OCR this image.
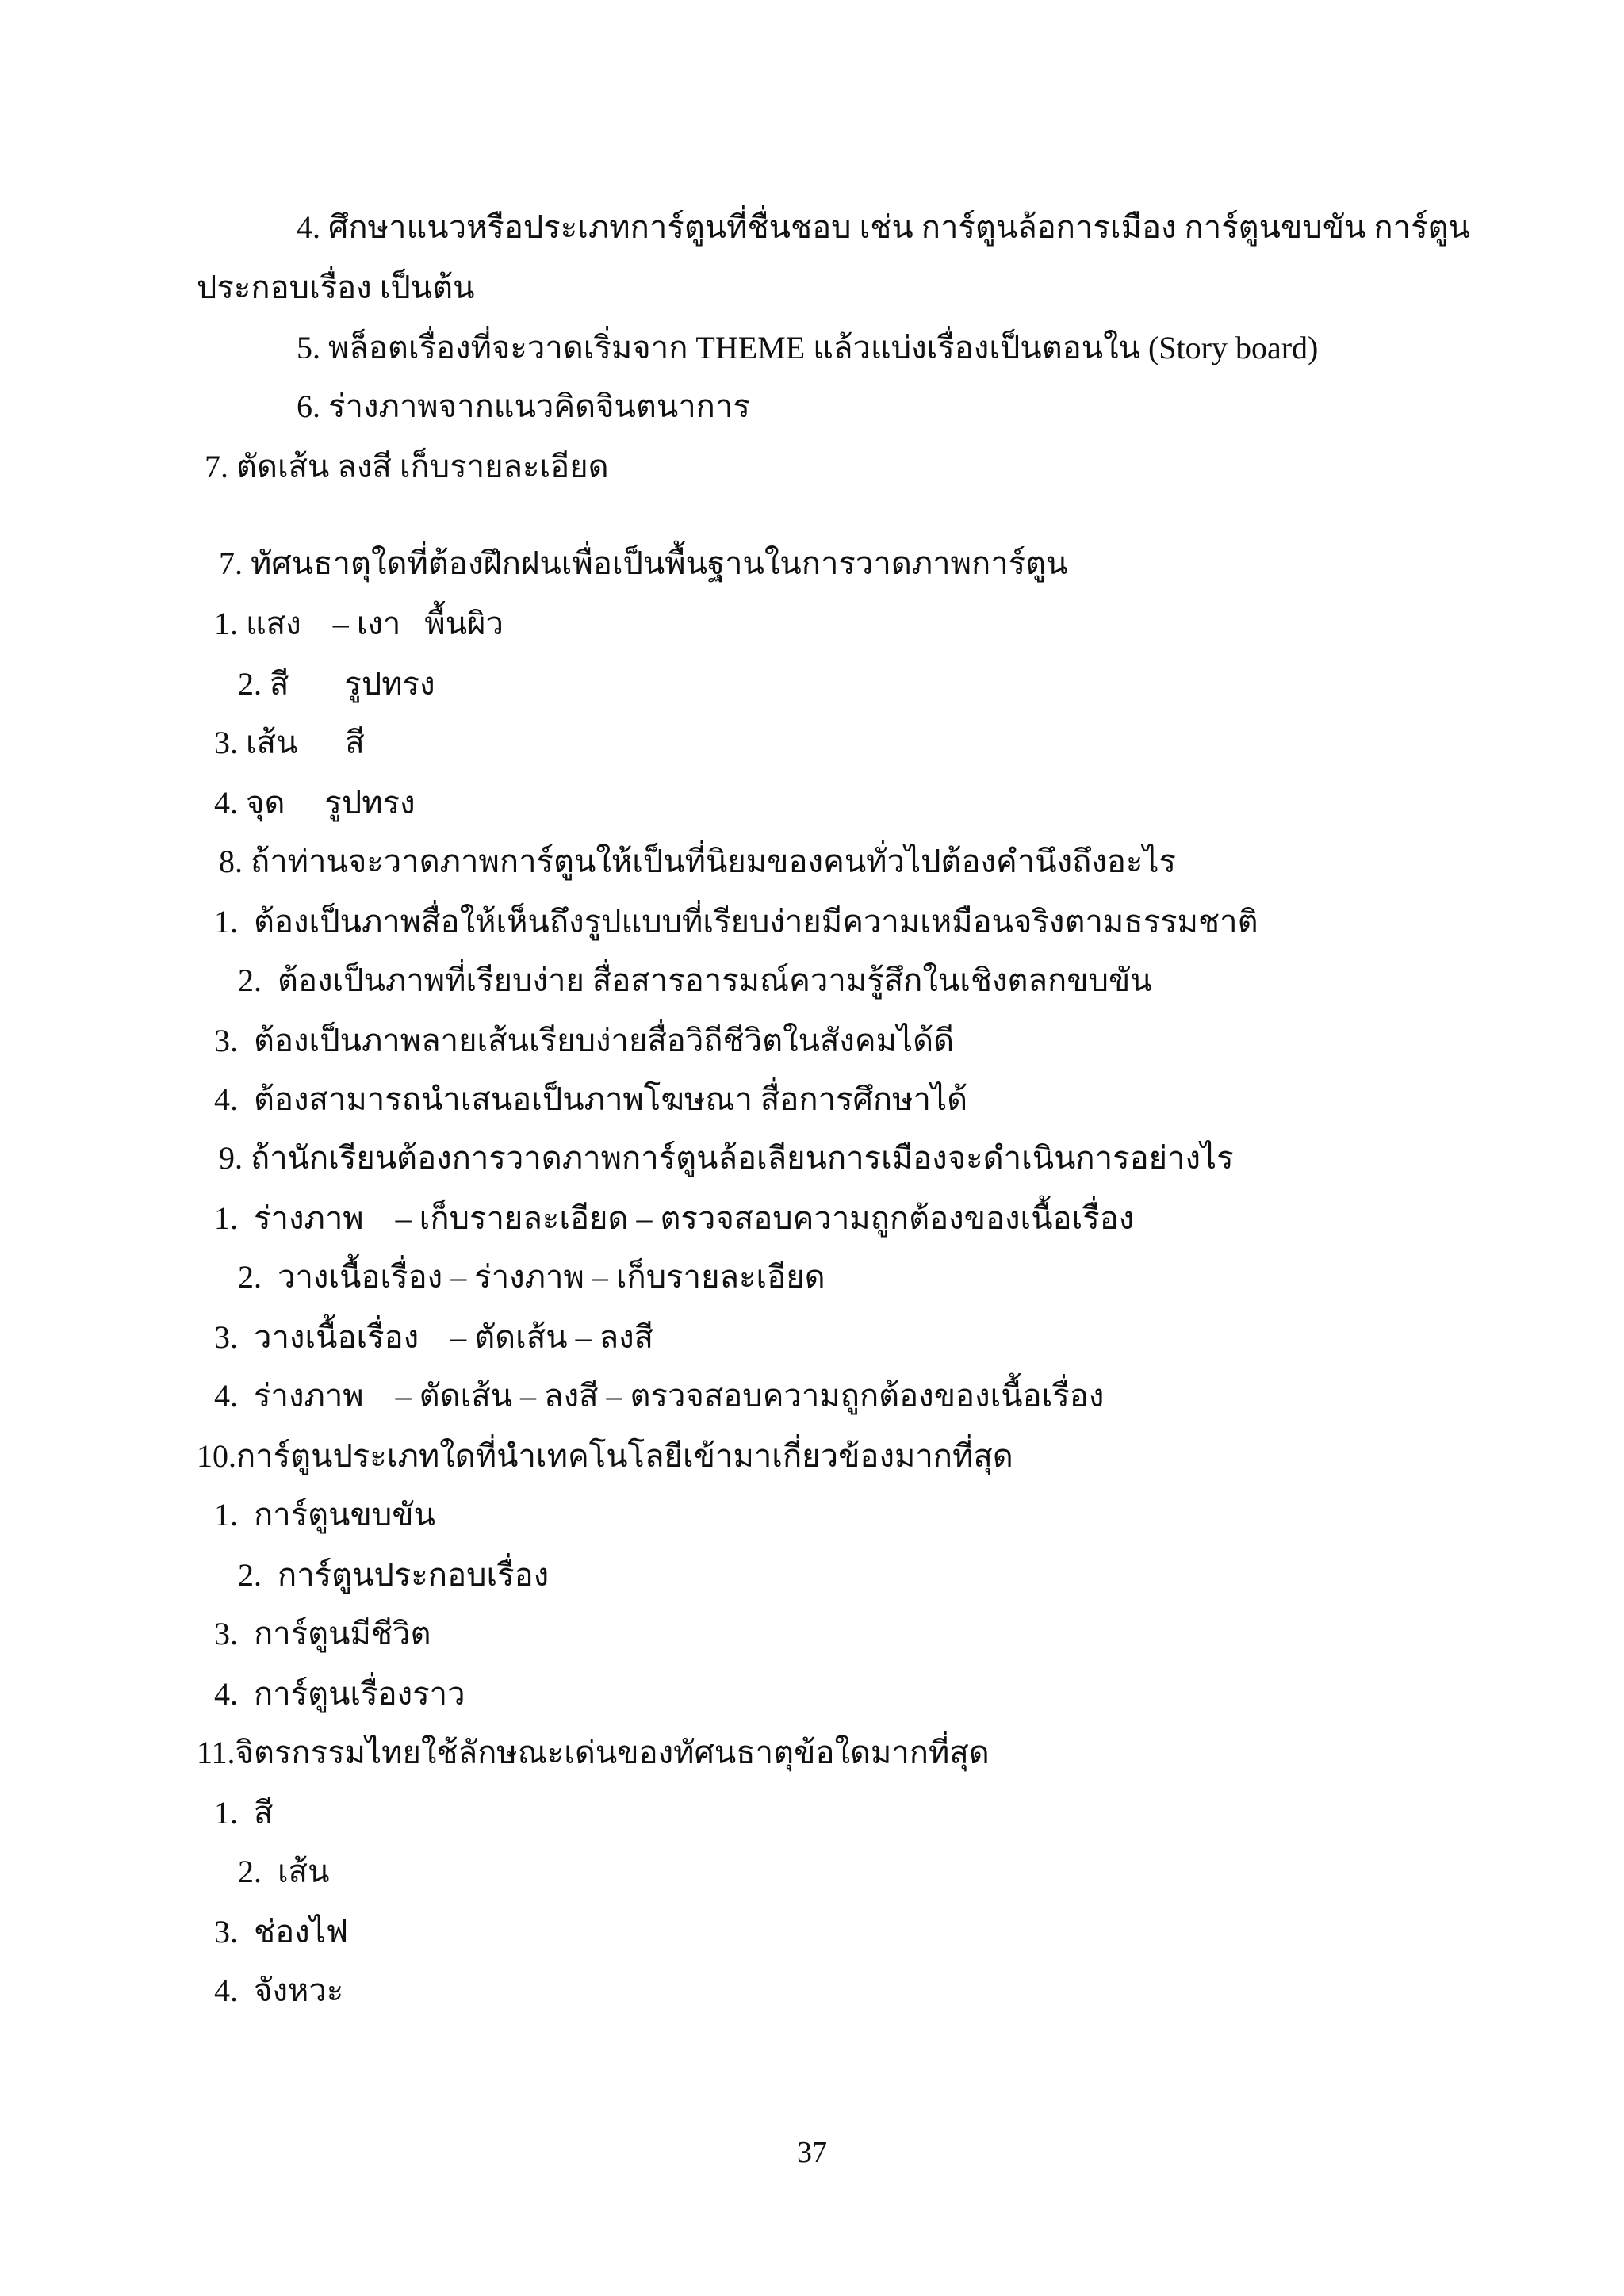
4. ศึกษาแนวหรือประเภทการ์ตูนที่ชื่นชอบ เช่น การ์ตูนล้อการเมือง การ์ตูนขบขัน การ์ตูน
ประกอบเรื่อง เป็นต้น
5. พล็อตเรื่องที่จะวาดเริ่มจาก THEME แล้วแบ่งเรื่องเป็นตอนใน (Story board)
6. ร่างภาพจากแนวคิดจินตนาการ
7. ตัดเส้น ลงสี เก็บรายละเอียด
7. ทัศนธาตุใดที่ต้องฝึกฝนเพื่อเป็นพื้นฐานในการวาดภาพการ์ตูน
1. แสง    – เงา   พื้นผิว
2. สี       รูปทรง
3. เส้น      สี
4. จุด     รูปทรง
8. ถ้าท่านจะวาดภาพการ์ตูนให้เป็นที่นิยมของคนทั่วไปต้องคำนึงถึงอะไร
1.  ต้องเป็นภาพสื่อให้เห็นถึงรูปแบบที่เรียบง่ายมีความเหมือนจริงตามธรรมชาติ
2.  ต้องเป็นภาพที่เรียบง่าย สื่อสารอารมณ์ความรู้สึกในเชิงตลกขบขัน
3.  ต้องเป็นภาพลายเส้นเรียบง่ายสื่อวิถีชีวิตในสังคมได้ดี
4.  ต้องสามารถนำเสนอเป็นภาพโฆษณา สื่อการศึกษาได้
9. ถ้านักเรียนต้องการวาดภาพการ์ตูนล้อเลียนการเมืองจะดำเนินการอย่างไร
1.  ร่างภาพ    – เก็บรายละเอียด – ตรวจสอบความถูกต้องของเนื้อเรื่อง
2.  วางเนื้อเรื่อง – ร่างภาพ – เก็บรายละเอียด
3.  วางเนื้อเรื่อง    – ตัดเส้น – ลงสี
4.  ร่างภาพ    – ตัดเส้น – ลงสี – ตรวจสอบความถูกต้องของเนื้อเรื่อง
10.การ์ตูนประเภทใดที่นำเทคโนโลยีเข้ามาเกี่ยวข้องมากที่สุด
1.  การ์ตูนขบขัน
2.  การ์ตูนประกอบเรื่อง
3.  การ์ตูนมีชีวิต
4.  การ์ตูนเรื่องราว
11.จิตรกรรมไทยใช้ลักษณะเด่นของทัศนธาตุข้อใดมากที่สุด
1.  สี
2.  เส้น
3.  ช่องไฟ
4.  จังหวะ
37
